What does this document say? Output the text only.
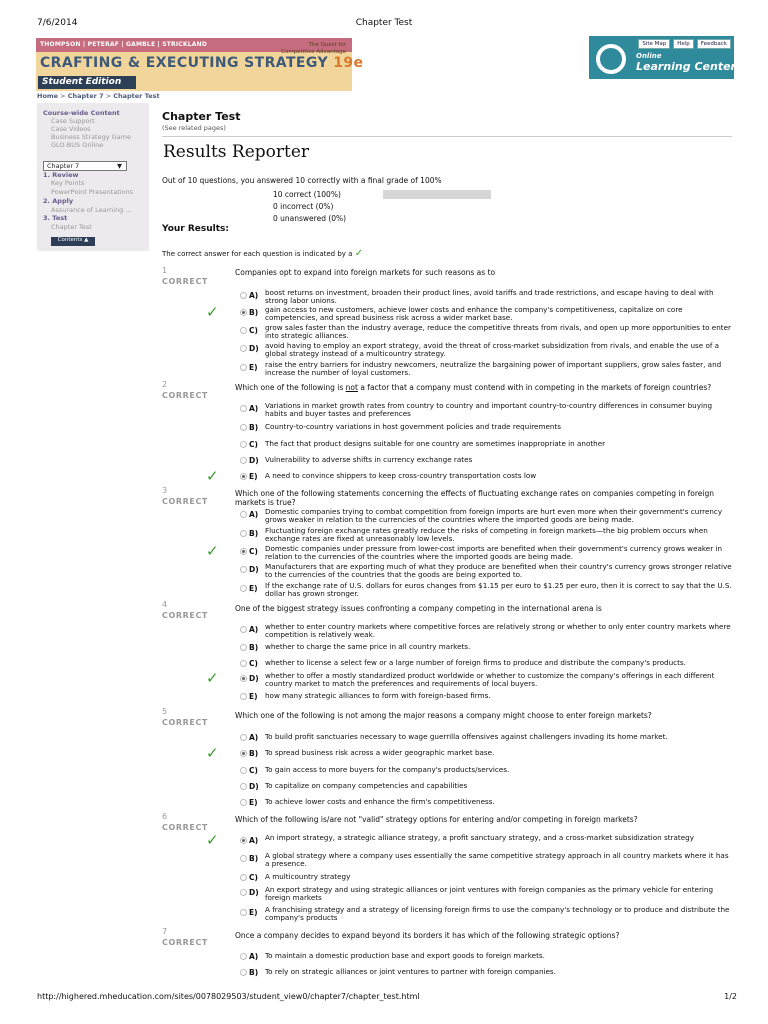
7/6/2014	Chapter Test
THOMPSON | PETERAF | GAMBLE | STRICKLAND	The Quest for
Competitive Advantage
CRAFTING & EXECUTING STRATEGY 19e
Student Edition
Home > Chapter 7 > Chapter Test
Site Map	Help	Feedback
Online
Learning Center
Course-wide Content
Case Support
Case Videos
Business Strategy Game
GLO-BUS Online
Chapter 7	▼
1. Review
Key Points
PowerPoint Presentations
2. Apply
Assurance of Learning ...
3. Test
Chapter Test
Contents ▲
Chapter Test
(See related pages)
Results Reporter
Out of 10 questions, you answered 10 correctly with a final grade of 100%
10 correct (100%)
0 incorrect (0%)
0 unanswered (0%)
Your Results:
The correct answer for each question is indicated by a ✓
1
CORRECT
Companies opt to expand into foreign markets for such reasons as to
A) boost returns on investment, broaden their product lines, avoid tariffs and trade restrictions, and escape having to deal with strong labor unions.
✓	B) gain access to new customers, achieve lower costs and enhance the company's competitiveness, capitalize on core competencies, and spread business risk across a wider market base.
C) grow sales faster than the industry average, reduce the competitive threats from rivals, and open up more opportunities to enter into strategic alliances.
D) avoid having to employ an export strategy, avoid the threat of cross-market subsidization from rivals, and enable the use of a global strategy instead of a multicountry strategy.
E) raise the entry barriers for industry newcomers, neutralize the bargaining power of important suppliers, grow sales faster, and increase the number of loyal customers.
2
CORRECT
Which one of the following is not a factor that a company must contend with in competing in the markets of foreign countries?
A) Variations in market growth rates from country to country and important country-to-country differences in consumer buying habits and buyer tastes and preferences
B) Country-to-country variations in host government policies and trade requirements
C) The fact that product designs suitable for one country are sometimes inappropriate in another
D) Vulnerability to adverse shifts in currency exchange rates
✓	E) A need to convince shippers to keep cross-country transportation costs low
3
CORRECT
Which one of the following statements concerning the effects of fluctuating exchange rates on companies competing in foreign markets is true?
A) Domestic companies trying to combat competition from foreign imports are hurt even more when their government's currency grows weaker in relation to the currencies of the countries where the imported goods are being made.
B) Fluctuating foreign exchange rates greatly reduce the risks of competing in foreign markets—the big problem occurs when exchange rates are fixed at unreasonably low levels.
✓	C) Domestic companies under pressure from lower-cost imports are benefited when their government's currency grows weaker in relation to the currencies of the countries where the imported goods are being made.
D) Manufacturers that are exporting much of what they produce are benefited when their country's currency grows stronger relative to the currencies of the countries that the goods are being exported to.
E) If the exchange rate of U.S. dollars for euros changes from $1.15 per euro to $1.25 per euro, then it is correct to say that the U.S. dollar has grown stronger.
4
CORRECT
One of the biggest strategy issues confronting a company competing in the international arena is
A) whether to enter country markets where competitive forces are relatively strong or whether to only enter country markets where competition is relatively weak.
B) whether to charge the same price in all country markets.
C) whether to license a select few or a large number of foreign firms to produce and distribute the company's products.
✓	D) whether to offer a mostly standardized product worldwide or whether to customize the company's offerings in each different country market to match the preferences and requirements of local buyers.
E) how many strategic alliances to form with foreign-based firms.
5
CORRECT
Which one of the following is not among the major reasons a company might choose to enter foreign markets?
A) To build profit sanctuaries necessary to wage guerrilla offensives against challengers invading its home market.
✓	B) To spread business risk across a wider geographic market base.
C) To gain access to more buyers for the company's products/services.
D) To capitalize on company competencies and capabilities
E) To achieve lower costs and enhance the firm's competitiveness.
6
CORRECT
Which of the following is/are not "valid" strategy options for entering and/or competing in foreign markets?
✓	A) An import strategy, a strategic alliance strategy, a profit sanctuary strategy, and a cross-market subsidization strategy
B) A global strategy where a company uses essentially the same competitive strategy approach in all country markets where it has a presence.
C) A multicountry strategy
D) An export strategy and using strategic alliances or joint ventures with foreign companies as the primary vehicle for entering foreign markets
E) A franchising strategy and a strategy of licensing foreign firms to use the company's technology or to produce and distribute the company's products
7
CORRECT
Once a company decides to expand beyond its borders it has which of the following strategic options?
A) To maintain a domestic production base and export goods to foreign markets.
B) To rely on strategic alliances or joint ventures to partner with foreign companies.
http://highered.mheducation.com/sites/0078029503/student_view0/chapter7/chapter_test.html	1/2
